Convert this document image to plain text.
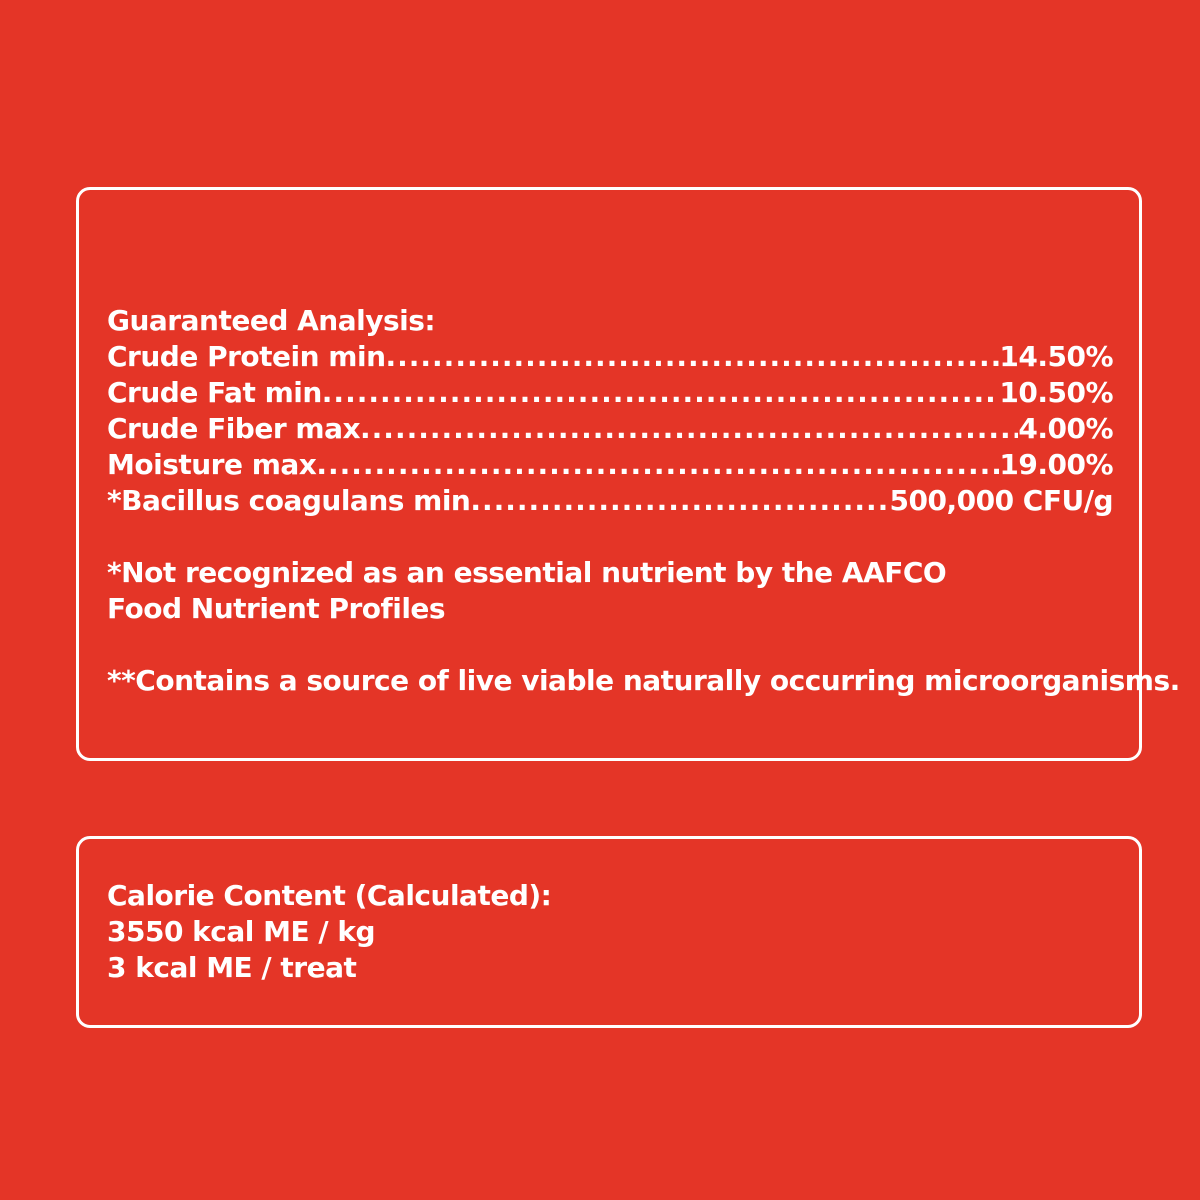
Guaranteed Analysis:
Crude Protein min .....	14.50%
Crude Fat min .....	10.50%
Crude Fiber max .....	4.00%
Moisture max .....	19.00%
*Bacillus coagulans min .....	500,000 CFU/g
*Not recognized as an essential nutrient by the AAFCO
Food Nutrient Profiles
**Contains a source of live viable naturally occurring microorganisms.
Calorie Content (Calculated):
3550 kcal ME / kg
3 kcal ME / treat
